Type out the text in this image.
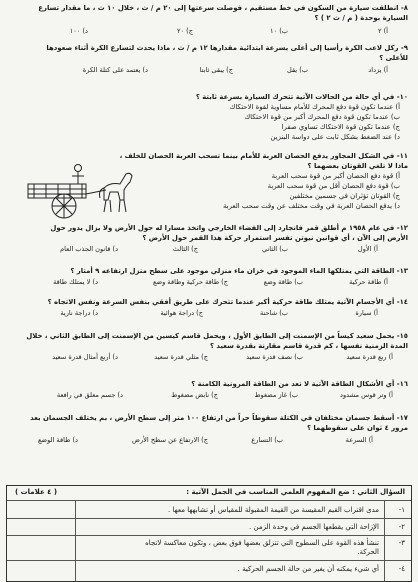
٨- انطلقت سيارة من السكون في خط مستقيم ، فوصلت سرعتها إلى ٢٠ م / ث ، خلال ١٠ ث ، ما مقدار تسارع
السيارة بوحدة ( م / ث ٢ ) ؟
أ) ٢
ب) ١٠
ج) ٢٠
د) ١٠٠
٩- ركل لاعب الكرة رأسيا إلى أعلى بسرعة ابتدائية مقدارها ١٢ م / ث ، ماذا يحدث لتسارع الكرة أثناء صعودها
للأعلى ؟
أ) يزداد
ب) يقل
ج) يبقى ثابتا
د) يعتمد على كتلة الكرة
١٠- في أي حالة من الحالات الآتية تتحرك السيارة بسرعة ثابتة ؟
أ) عندما تكون قوة دفع المحرك للأمام مساوية لقوة الاحتكاك
ب) عندما تكون قوة دفع المحرك أكبر من قوة الاحتكاك
ج) عندما تكون قوة الاحتكاك تساوي صفرا
د) عند الضغط بشكل ثابت على دواسة البنزين
١١- في الشكل المجاور يدفع الحصان العربة للأمام بينما تسحب العربة الحصان للخلف ،
ماذا لا تلغي القوتان بعضهما ؟
أ) قوة دفع الحصان أكبر من قوة سحب العربة
ب) قوة دفع الحصان أقل من قوة سحب العربة
ج) القوتان تؤثران في جسمين مختلفين
د) يدفع الحصان العربة في وقت مختلف عن وقت سحب العربة
١٢- في عام ١٩٥٨ م أطلق قمر فانجارد إلى الفضاء الخارجي واتخذ مسارا له حول الأرض ولا يزال يدور حول
الأرض إلى الآن ، أي قوانين نيوتن تفسر استمرار حركة هذا القمر حول الأرض ؟
أ) الأول
ب) الثاني
ج) الثالث
د) قانون الجذب العام
١٣- الطاقة التي يمتلكها الماء الموجود في خزان ماء منزلي موجود على سطح منزل ارتفاعه ٩ أمتار ؟
أ) طاقة حركية
ب) طاقة وضع
ج) طاقة حركية وطاقة وضع
د) لا يمتلك طاقة
١٤- أي الأجسام الآتية يمتلك طاقة حركية أكبر عندما تتحرك على طريق أفقي بنفس السرعة ونفس الاتجاه ؟
أ) سيارة
ب) شاحنة
ج) دراجة هوائية
د) دراجة نارية
١٥- يحمل سعيد كيساً من الإسمنت إلى الطابق الأول ، ويحمل قاسم كيسين من الإسمنت إلى الطابق الثاني ، خلال
المدة الزمنية نفسها ، كم قدرة قاسم مقارنة بقدرة سعيد ؟
أ) ربع قدرة سعيد
ب) نصف قدرة سعيد
ج) مثلي قدرة سعيد
د) أربع أمثال قدرة سعيد
١٦- أي الأشكال الطاقة الآتية لا تعد من الطاقة المرونية الكامنة ؟
أ) وتر قوس مشدود
ب) غاز مضغوط
ج) نابض مضغوط
د) جسم معلق في رافعة
١٧- أسقط جسمان مختلفان في الكتلة سقوطاً حراً من ارتفاع ١٠٠ متر إلى سطح الأرض ، بم يختلف الجسمان بعد
مرور ٤ ثوان على سقوطهما ؟
أ) السرعة
ب) التسارع
ج) الارتفاع عن سطح الأرض
د) طاقة الوضع
السؤال الثاني : ضع المفهوم العلمي المناسب في الجمل الآتية :
( ٤ علامات )
١-
مدى اقتراب القيم المقيسة من القيمة المقبولة للمقياس أو تشابهها معها .
٢-
الإزاحة التي يقطعها الجسم في وحدة الزمن .
٣-
تنشأ هذه القوة على السطوح التي تتزلق بعضها فوق بعض ، وتكون معاكسة لاتجاه
الحركة.
٤-
أي شيء يمكنه أن يغير من حالة الجسم الحركية .
